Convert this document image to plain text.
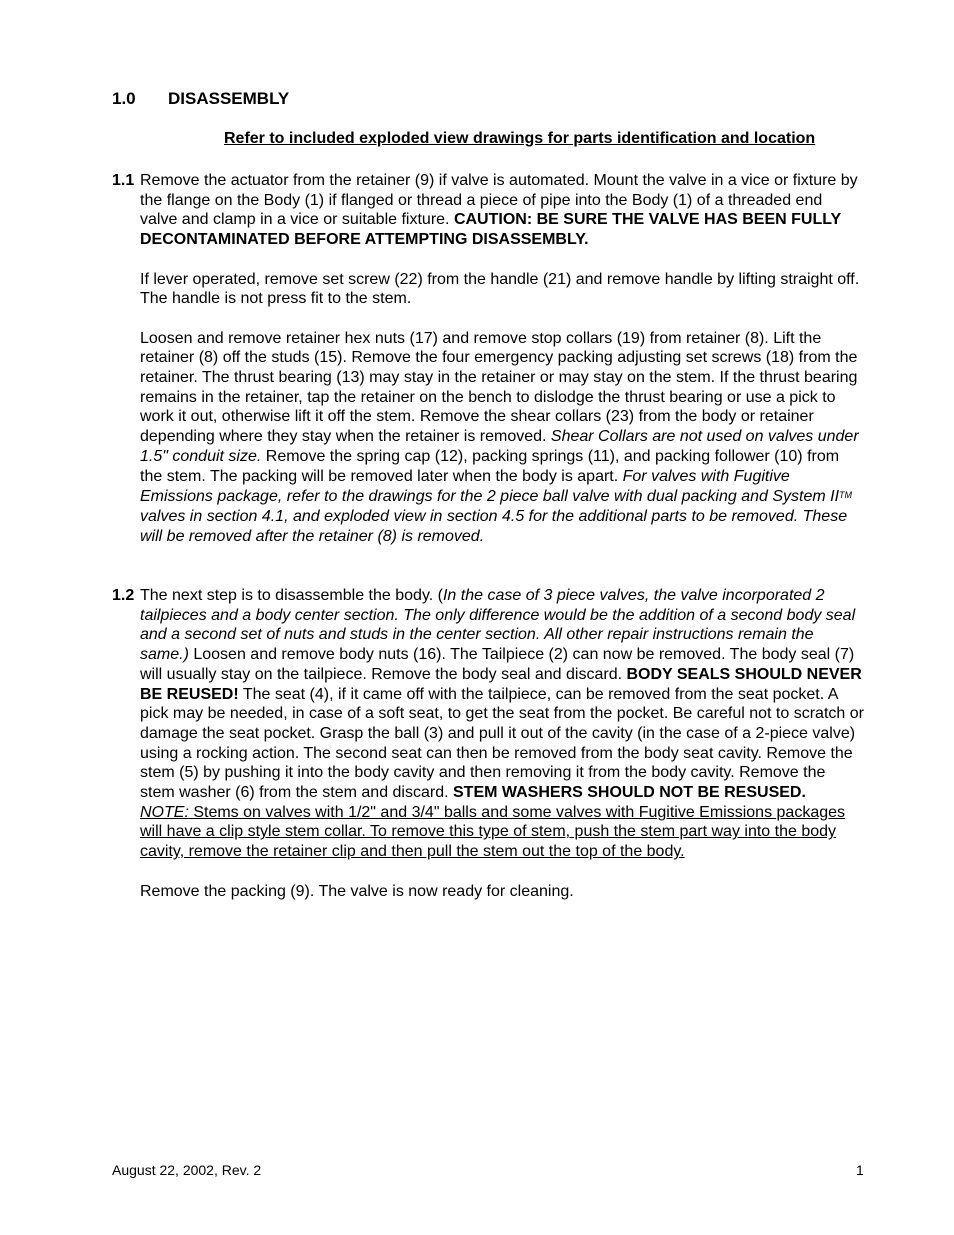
1.0 DISASSEMBLY
Refer to included exploded view drawings for parts identification and location
1.1 Remove the actuator from the retainer (9) if valve is automated. Mount the valve in a vice or fixture by the flange on the Body (1) if flanged or thread a piece of pipe into the Body (1) of a threaded end valve and clamp in a vice or suitable fixture. CAUTION: BE SURE THE VALVE HAS BEEN FULLY DECONTAMINATED BEFORE ATTEMPTING DISASSEMBLY.

If lever operated, remove set screw (22) from the handle (21) and remove handle by lifting straight off. The handle is not press fit to the stem.

Loosen and remove retainer hex nuts (17) and remove stop collars (19) from retainer (8). Lift the retainer (8) off the studs (15). Remove the four emergency packing adjusting set screws (18) from the retainer. The thrust bearing (13) may stay in the retainer or may stay on the stem. If the thrust bearing remains in the retainer, tap the retainer on the bench to dislodge the thrust bearing or use a pick to work it out, otherwise lift it off the stem. Remove the shear collars (23) from the body or retainer depending where they stay when the retainer is removed. Shear Collars are not used on valves under 1.5" conduit size. Remove the spring cap (12), packing springs (11), and packing follower (10) from the stem. The packing will be removed later when the body is apart. For valves with Fugitive Emissions package, refer to the drawings for the 2 piece ball valve with dual packing and System IITM valves in section 4.1, and exploded view in section 4.5 for the additional parts to be removed. These will be removed after the retainer (8) is removed.

1.2 The next step is to disassemble the body. (In the case of 3 piece valves, the valve incorporated 2 tailpieces and a body center section. The only difference would be the addition of a second body seal and a second set of nuts and studs in the center section. All other repair instructions remain the same.) Loosen and remove body nuts (16). The Tailpiece (2) can now be removed. The body seal (7) will usually stay on the tailpiece. Remove the body seal and discard. BODY SEALS SHOULD NEVER BE REUSED! The seat (4), if it came off with the tailpiece, can be removed from the seat pocket. A pick may be needed, in case of a soft seat, to get the seat from the pocket. Be careful not to scratch or damage the seat pocket. Grasp the ball (3) and pull it out of the cavity (in the case of a 2-piece valve) using a rocking action. The second seat can then be removed from the body seat cavity. Remove the stem (5) by pushing it into the body cavity and then removing it from the body cavity. Remove the stem washer (6) from the stem and discard. STEM WASHERS SHOULD NOT BE RESUSED.
NOTE: Stems on valves with 1/2" and 3/4" balls and some valves with Fugitive Emissions packages will have a clip style stem collar. To remove this type of stem, push the stem part way into the body cavity, remove the retainer clip and then pull the stem out the top of the body.

Remove the packing (9). The valve is now ready for cleaning.

August 22, 2002, Rev. 2	1
